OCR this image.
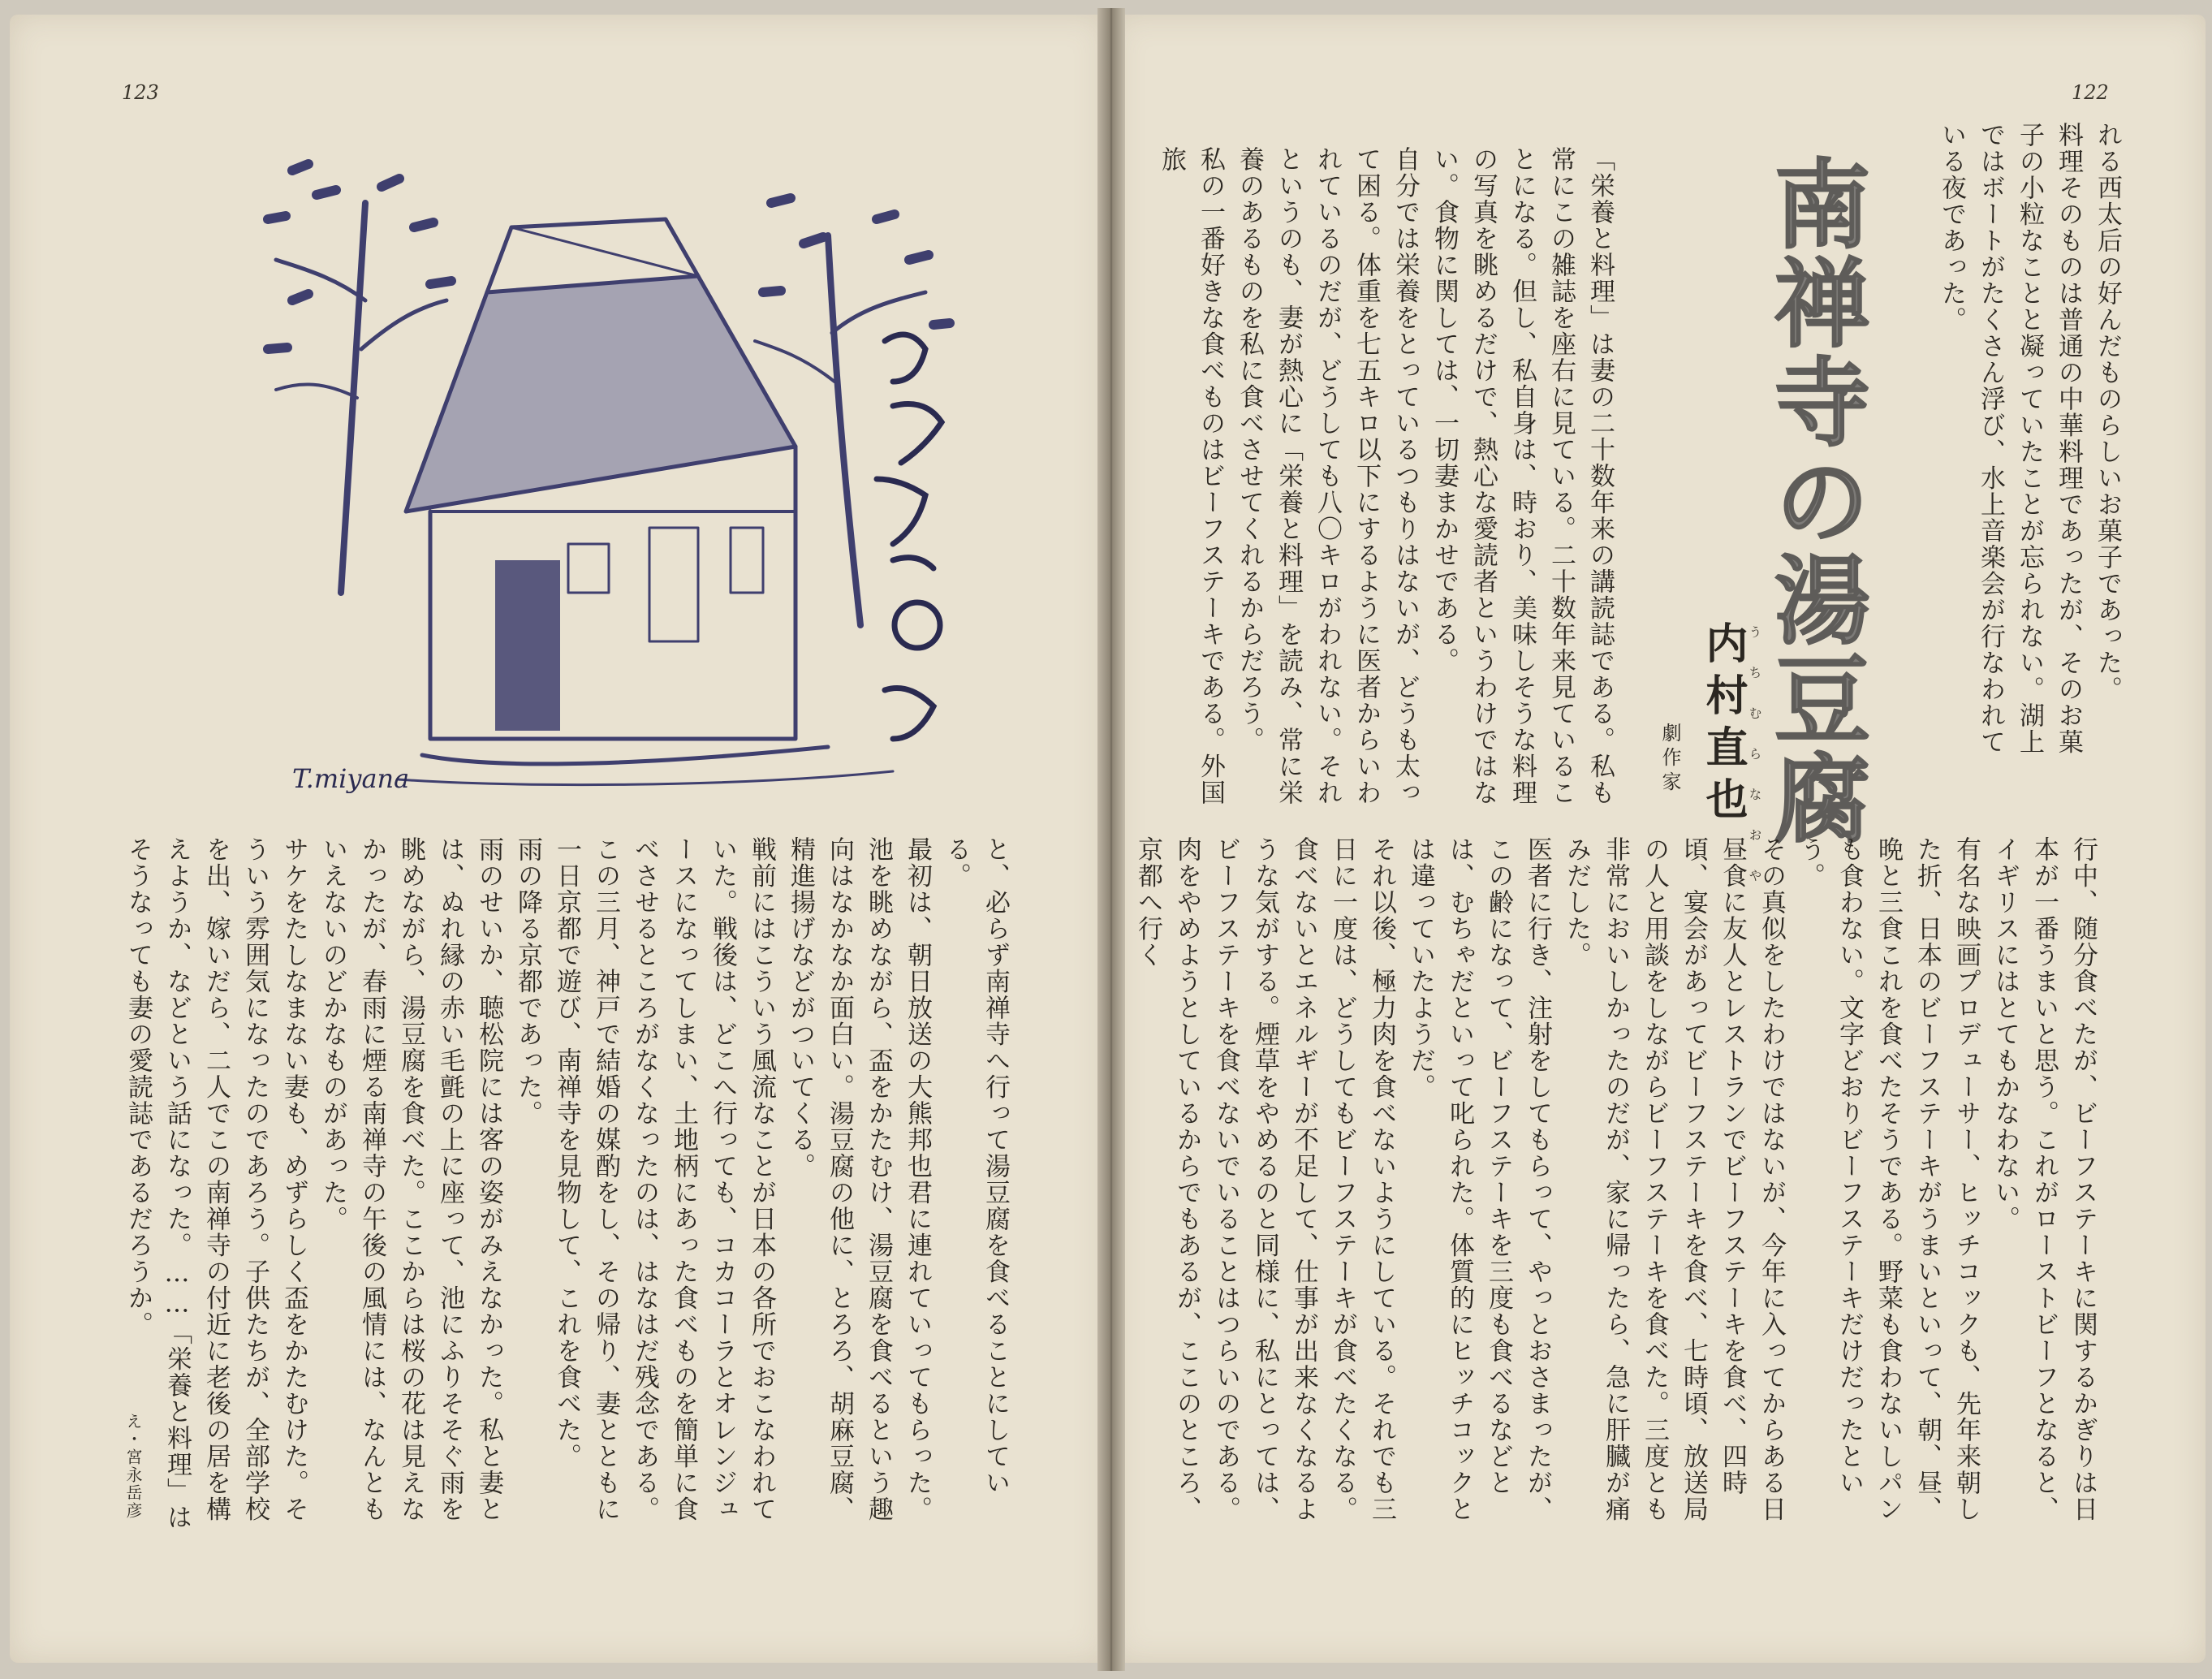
123	122

れる西太后の好んだものらしいお菓子であった。

料理そのものは普通の中華料理であったが、そのお菓子の小粒なことと凝っていたことが忘られない。湖上ではボートがたくさん浮び、水上音楽会が行なわれている夜であった。

南禅寺の湯豆腐
うちむらなおや
内村直也
劇作家

「栄養と料理」は妻の二十数年来の講読誌である。私も常にこの雑誌を座右に見ている。二十数年来見ていることになる。但し、私自身は、時おり、美味しそうな料理の写真を眺めるだけで、熱心な愛読者というわけではない。食物に関しては、一切妻まかせである。

自分では栄養をとっているつもりはないが、どうも太って困る。体重を七五キロ以下にするように医者からいわれているのだが、どうしても八〇キロがわれない。それというのも、妻が熱心に「栄養と料理」を読み、常に栄養のあるものを私に食べさせてくれるからだろう。

私の一番好きな食べものはビーフステーキである。外国旅

行中、随分食べたが、ビーフステーキに関するかぎりは日本が一番うまいと思う。これがローストビーフとなると、イギリスにはとてもかなわない。

有名な映画プロデューサー、ヒッチコックも、先年来朝した折、日本のビーフステーキがうまいといって、朝、昼、晩と三食これを食べたそうである。野菜も食わないしパンも食わない。文字どおりビーフステーキだけだったという。

その真似をしたわけではないが、今年に入ってからある日昼食に友人とレストランでビーフステーキを食べ、四時頃、宴会があってビーフステーキを食べ、七時頃、放送局の人と用談をしながらビーフステーキを食べた。三度とも非常においしかったのだが、家に帰ったら、急に肝臓が痛みだした。

医者に行き、注射をしてもらって、やっとおさまったが、この齢になって、ビーフステーキを三度も食べるなどとは、むちゃだといって叱られた。体質的にヒッチコックとは違っていたようだ。

それ以後、極力肉を食べないようにしている。それでも三日に一度は、どうしてもビーフステーキが食べたくなる。食べないとエネルギーが不足して、仕事が出来なくなるような気がする。煙草をやめるのと同様に、私にとっては、ビーフステーキを食べないでいることはつらいのである。肉をやめようとしているからでもあるが、ここのところ、京都へ行く

T.miyana

と、必らず南禅寺へ行って湯豆腐を食べることにしている。

最初は、朝日放送の大熊邦也君に連れていってもらった。池を眺めながら、盃をかたむけ、湯豆腐を食べるという趣向はなかなか面白い。湯豆腐の他に、とろろ、胡麻豆腐、精進揚げなどがついてくる。

戦前にはこういう風流なことが日本の各所でおこなわれていた。戦後は、どこへ行っても、コカコーラとオレンジュースになってしまい、土地柄にあった食べものを簡単に食べさせるところがなくなったのは、はなはだ残念である。

この三月、神戸で結婚の媒酌をし、その帰り、妻とともに一日京都で遊び、南禅寺を見物して、これを食べた。

雨の降る京都であった。

雨のせいか、聴松院には客の姿がみえなかった。私と妻とは、ぬれ縁の赤い毛氈の上に座って、池にふりそそぐ雨を眺めながら、湯豆腐を食べた。ここからは桜の花は見えなかったが、春雨に煙る南禅寺の午後の風情には、なんともいえないのどかなものがあった。

サケをたしなまない妻も、めずらしく盃をかたむけた。そういう雰囲気になったのであろう。子供たちが、全部学校を出、嫁いだら、二人でこの南禅寺の付近に老後の居を構えようか、などという話になった。……「栄養と料理」はそうなっても妻の愛読誌であるだろうか。

え・宮永岳彦
